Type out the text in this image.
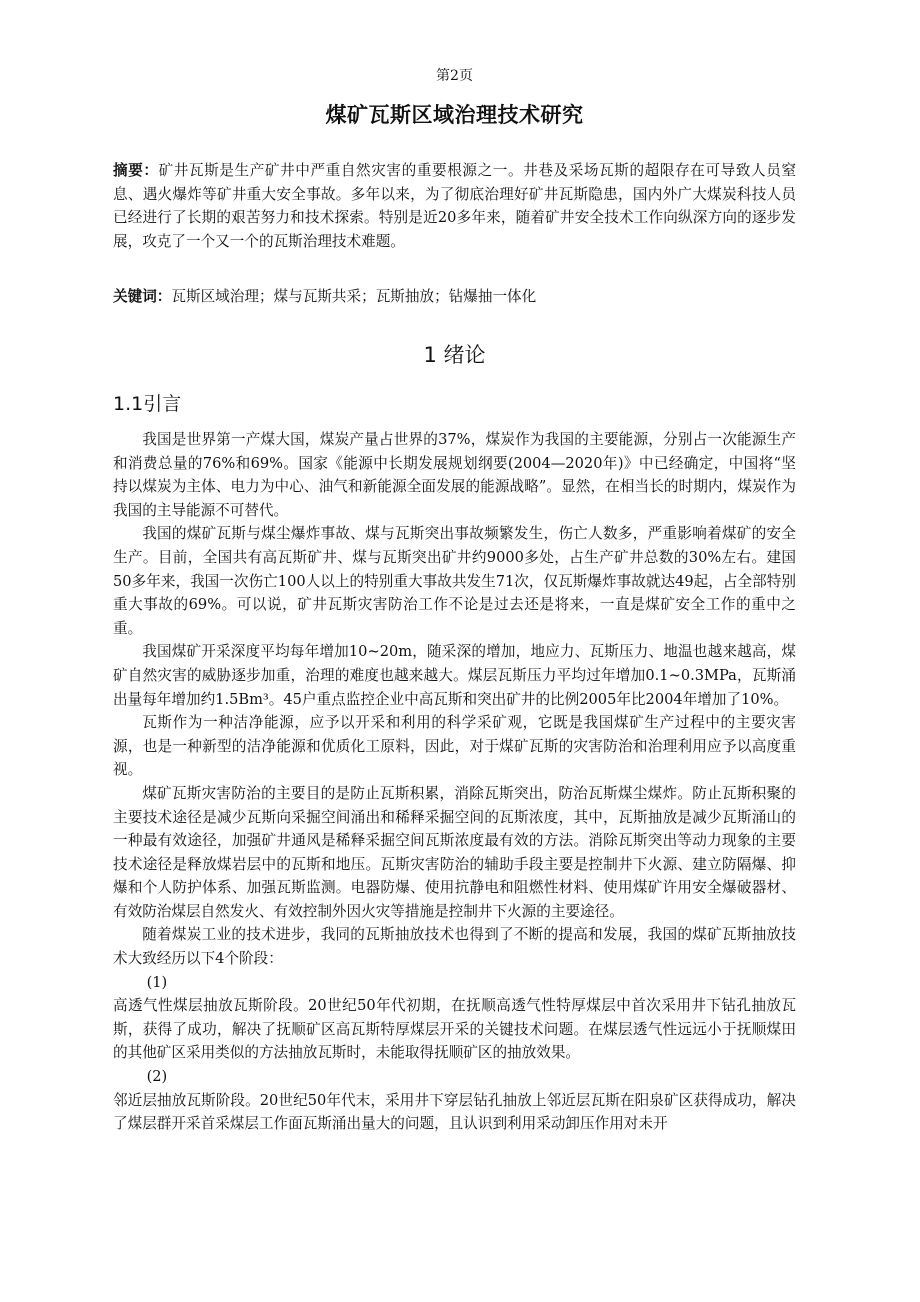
第2页
煤矿瓦斯区域治理技术研究

摘要：矿井瓦斯是生产矿井中严重自然灾害的重要根源之一。井巷及采场瓦斯的超限存在可导致人员窒息、遇火爆炸等矿井重大安全事故。多年以来，为了彻底治理好矿井瓦斯隐患，国内外广大煤炭科技人员已经进行了长期的艰苦努力和技术探索。特别是近20多年来，随着矿井安全技术工作向纵深方向的逐步发展，攻克了一个又一个的瓦斯治理技术难题。

关键词：瓦斯区域治理；煤与瓦斯共采；瓦斯抽放；钻爆抽一体化

1 绪论
1.1引言

我国是世界第一产煤大国，煤炭产量占世界的37%，煤炭作为我国的主要能源，分别占一次能源生产和消费总量的76%和69%。国家《能源中长期发展规划纲要(2004—2020年)》中已经确定，中国将“坚持以煤炭为主体、电力为中心、油气和新能源全面发展的能源战略”。显然，在相当长的时期内，煤炭作为我国的主导能源不可替代。

我国的煤矿瓦斯与煤尘爆炸事故、煤与瓦斯突出事故频繁发生，伤亡人数多，严重影响着煤矿的安全生产。目前，全国共有高瓦斯矿井、煤与瓦斯突出矿井约9000多处，占生产矿井总数的30%左右。建国50多年来，我国一次伤亡100人以上的特别重大事故共发生71次，仅瓦斯爆炸事故就达49起，占全部特别重大事故的69%。可以说，矿井瓦斯灾害防治工作不论是过去还是将来，一直是煤矿安全工作的重中之重。

我国煤矿开采深度平均每年增加10~20m，随采深的增加，地应力、瓦斯压力、地温也越来越高，煤矿自然灾害的威胁逐步加重，治理的难度也越来越大。煤层瓦斯压力平均过年增加0.1~0.3MPa，瓦斯涌出量每年增加约1.5Bm³。45户重点监控企业中高瓦斯和突出矿井的比例2005年比2004年增加了10%。

瓦斯作为一种洁净能源，应予以开采和利用的科学采矿观，它既是我国煤矿生产过程中的主要灾害源，也是一种新型的洁净能源和优质化工原料，因此，对于煤矿瓦斯的灾害防治和治理利用应予以高度重视。

煤矿瓦斯灾害防治的主要目的是防止瓦斯积累，消除瓦斯突出，防治瓦斯煤尘煤炸。防止瓦斯积聚的主要技术途径是减少瓦斯向采掘空间涌出和稀释采掘空间的瓦斯浓度，其中，瓦斯抽放是减少瓦斯涌山的一种最有效途径，加强矿井通风是稀释采掘空间瓦斯浓度最有效的方法。消除瓦斯突出等动力现象的主要技术途径是释放煤岩层中的瓦斯和地压。瓦斯灾害防治的辅助手段主要是控制井下火源、建立防隔爆、抑爆和个人防护体系、加强瓦斯监测。电器防爆、使用抗静电和阻燃性材料、使用煤矿许用安全爆破器材、有效防治煤层自然发火、有效控制外因火灾等措施是控制井下火源的主要途径。

随着煤炭工业的技术进步，我同的瓦斯抽放技术也得到了不断的提高和发展，我国的煤矿瓦斯抽放技术大致经历以下4个阶段：

(1)

高透气性煤层抽放瓦斯阶段。20世纪50年代初期，在抚顺高透气性特厚煤层中首次采用井下钻孔抽放瓦斯，获得了成功，解决了抚顺矿区高瓦斯特厚煤层开采的关键技术问题。在煤层透气性远远小于抚顺煤田的其他矿区采用类似的方法抽放瓦斯时，未能取得抚顺矿区的抽放效果。

(2)

邻近层抽放瓦斯阶段。20世纪50年代末，采用井下穿层钻孔抽放上邻近层瓦斯在阳泉矿区获得成功，解决了煤层群开采首采煤层工作面瓦斯涌出量大的问题，且认识到利用采动卸压作用对未开
